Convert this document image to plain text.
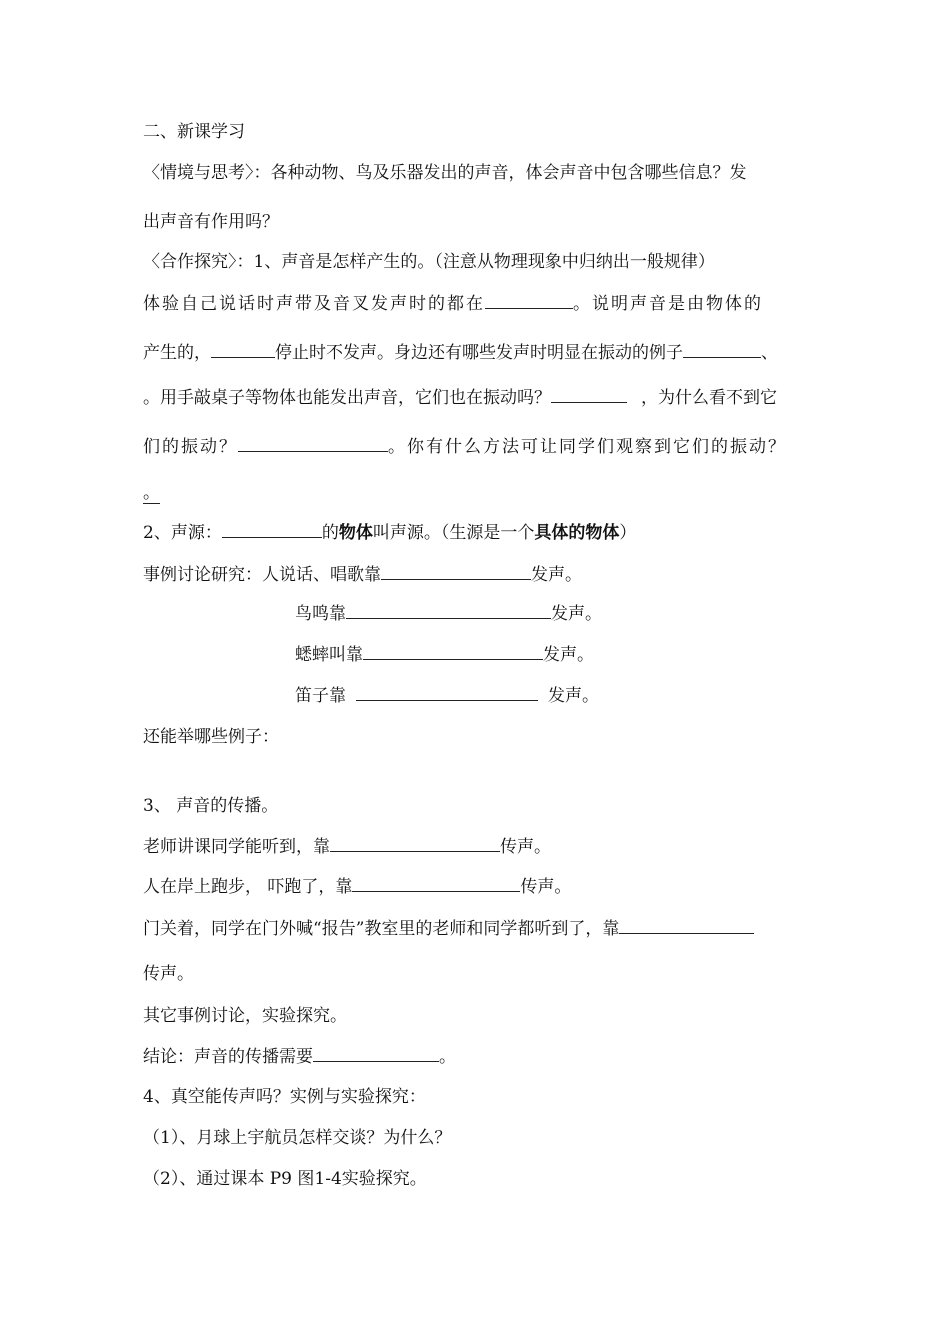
二、新课学习
〈情境与思考〉：各种动物、鸟及乐器发出的声音，体会声音中包含哪些信息？发
出声音有作用吗？
〈合作探究〉：1、声音是怎样产生的。（注意从物理现象中归纳出一般规律）
体验自己说话时声带及音叉发声时的都在	。说明声音是由物体的
产生的，	停止时不发声。身边还有哪些发声时明显在振动的例子	、
。用手敲桌子等物体也能发出声音，它们也在振动吗？	，为什么看不到它
们的振动？	。你有什么方法可让同学们观察到它们的振动？
。
2、声源：	的物体叫声源。（生源是一个具体的物体）
事例讨论研究：人说话、唱歌靠	发声。
鸟鸣靠	发声。
蟋蟀叫靠	发声。
笛子靠	发声。
还能举哪些例子：
3、 声音的传播。
老师讲课同学能听到，靠	传声。
人在岸上跑步， 吓跑了，靠	传声。
门关着，同学在门外喊“报告”教室里的老师和同学都听到了，靠
传声。
其它事例讨论，实验探究。
结论：声音的传播需要	。
4、真空能传声吗？实例与实验探究：
（1）、月球上宇航员怎样交谈？为什么？
（2）、通过课本 P9 图1-4实验探究。
